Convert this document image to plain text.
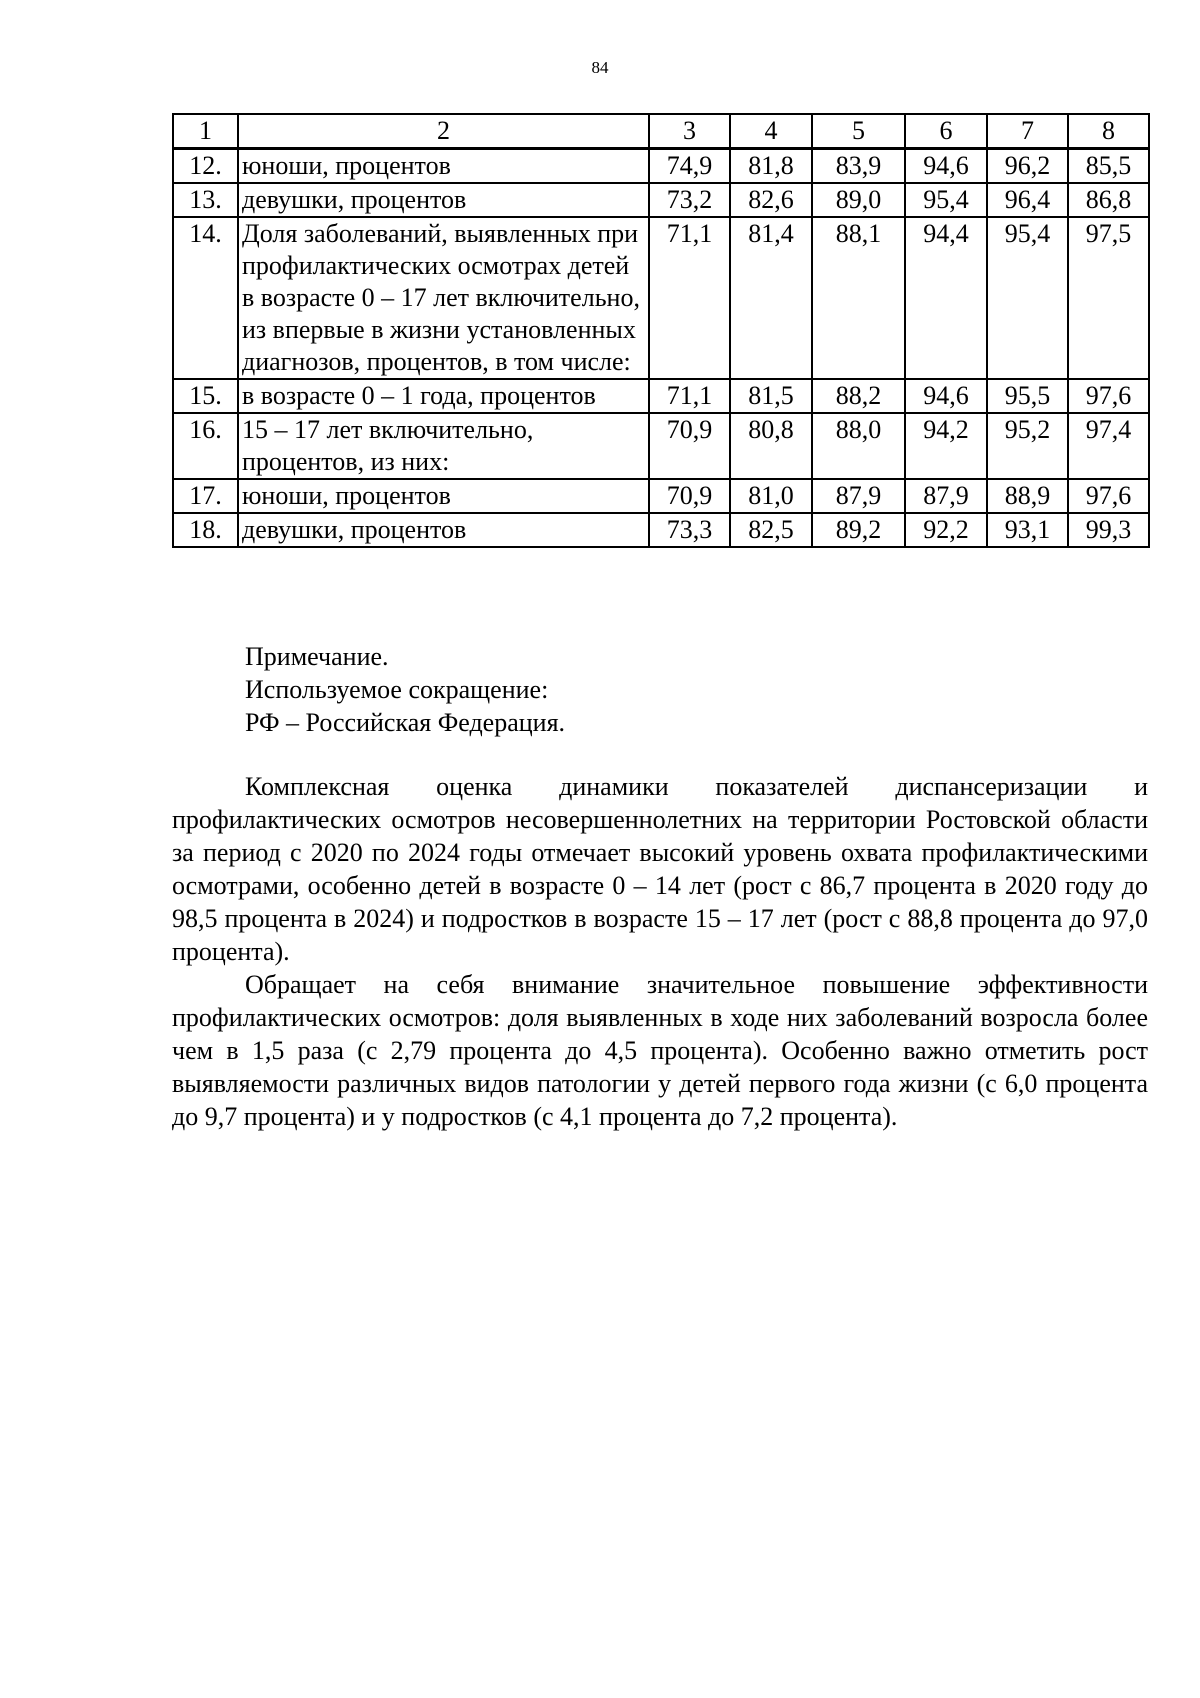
84
1	2	3	4	5	6	7	8
12.	юноши, процентов	74,9	81,8	83,9	94,6	96,2	85,5
13.	девушки, процентов	73,2	82,6	89,0	95,4	96,4	86,8
14.	Доля заболеваний, выявленных при профилактических осмотрах детей в возрасте 0 – 17 лет включительно, из впервые в жизни установленных диагнозов, процентов, в том числе:	71,1	81,4	88,1	94,4	95,4	97,5
15.	в возрасте 0 – 1 года, процентов	71,1	81,5	88,2	94,6	95,5	97,6
16.	15 – 17 лет включительно, процентов, из них:	70,9	80,8	88,0	94,2	95,2	97,4
17.	юноши, процентов	70,9	81,0	87,9	87,9	88,9	97,6
18.	девушки, процентов	73,3	82,5	89,2	92,2	93,1	99,3
Примечание.
Используемое сокращение:
РФ – Российская Федерация.

Комплексная оценка динамики показателей диспансеризации и профилактических осмотров несовершеннолетних на территории Ростовской области за период с 2020 по 2024 годы отмечает высокий уровень охвата профилактическими осмотрами, особенно детей в возрасте 0 – 14 лет (рост с 86,7 процента в 2020 году до 98,5 процента в 2024) и подростков в возрасте 15 – 17 лет (рост с 88,8 процента до 97,0 процента).

Обращает на себя внимание значительное повышение эффективности профилактических осмотров: доля выявленных в ходе них заболеваний возросла более чем в 1,5 раза (с 2,79 процента до 4,5 процента). Особенно важно отметить рост выявляемости различных видов патологии у детей первого года жизни (с 6,0 процента до 9,7 процента) и у подростков (с 4,1 процента до 7,2 процента).
